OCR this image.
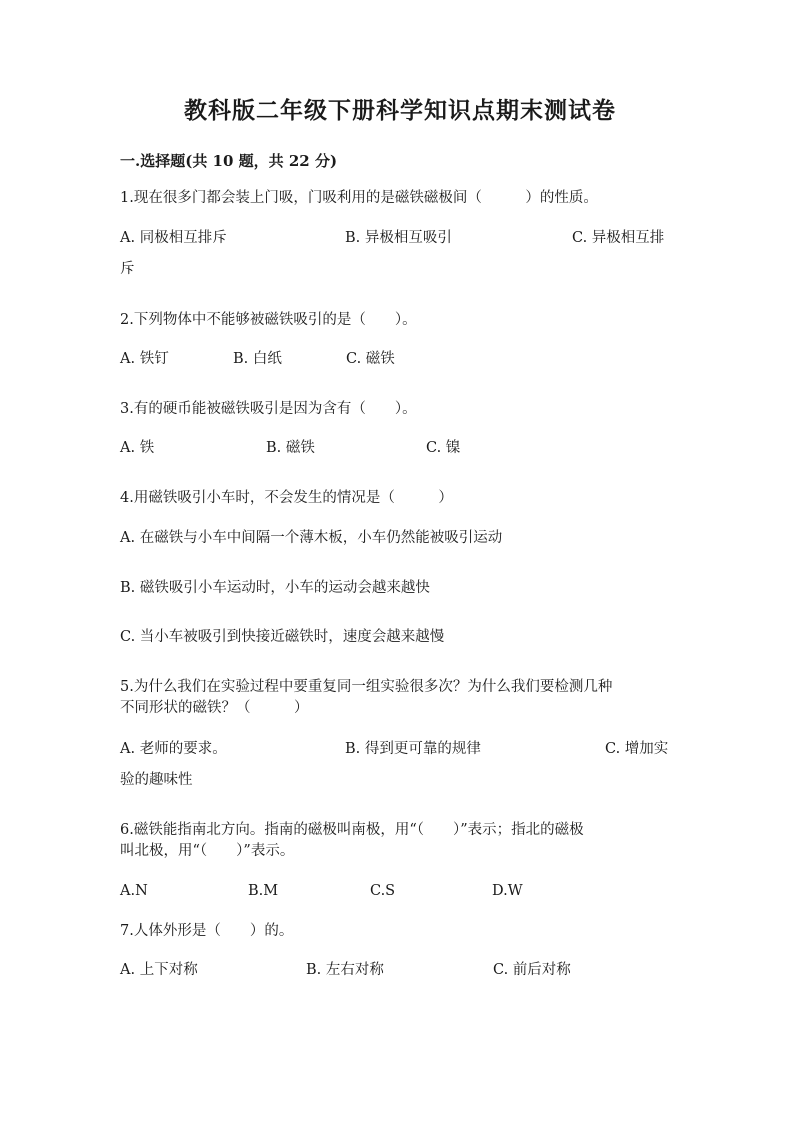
教科版二年级下册科学知识点期末测试卷
一.选择题(共 10 题，共 22 分)
1.现在很多门都会装上门吸，门吸利用的是磁铁磁极间（　　　）的性质。
A. 同极相互排斥	B. 异极相互吸引	C. 异极相互排
斥
2.下列物体中不能够被磁铁吸引的是（　　）。
A. 铁钉	B. 白纸	C. 磁铁
3.有的硬币能被磁铁吸引是因为含有（　　）。
A. 铁	B. 磁铁	C. 镍
4.用磁铁吸引小车时，不会发生的情况是（　　　）
A. 在磁铁与小车中间隔一个薄木板，小车仍然能被吸引运动
B. 磁铁吸引小车运动时，小车的运动会越来越快
C. 当小车被吸引到快接近磁铁时，速度会越来越慢
5.为什么我们在实验过程中要重复同一组实验很多次？为什么我们要检测几种
不同形状的磁铁？（　　　）
A. 老师的要求。	B. 得到更可靠的规律	C. 增加实
验的趣味性
6.磁铁能指南北方向。指南的磁极叫南极，用“（　　）”表示；指北的磁极
叫北极，用“（　　）”表示。
A.N	B.M	C.S	D.W
7.人体外形是（　　）的。
A. 上下对称	B. 左右对称	C. 前后对称
